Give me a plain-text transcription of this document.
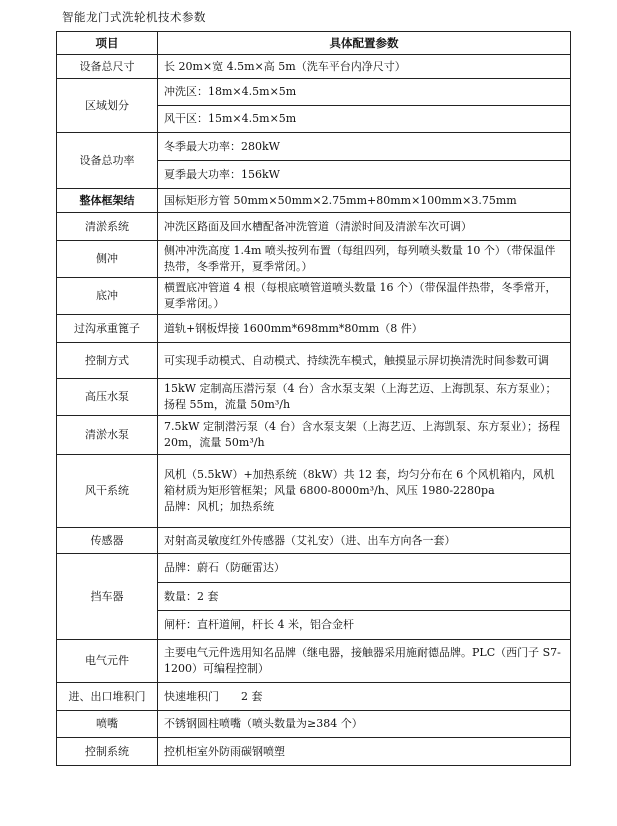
智能龙门式洗轮机技术参数
项目	具体配置参数
设备总尺寸	长 20m×宽 4.5m×高 5m（洗车平台内净尺寸）
区域划分	冲洗区：18m×4.5m×5m
	风干区：15m×4.5m×5m
设备总功率	冬季最大功率：280kW
	夏季最大功率：156kW
整体框架结	国标矩形方管 50mm×50mm×2.75mm+80mm×100mm×3.75mm
清淤系统	冲洗区路面及回水槽配备冲洗管道（清淤时间及清淤车次可调）
侧冲	侧冲冲洗高度 1.4m 喷头按列布置（每组四列，每列喷头数量 10 个）（带保温伴热带，冬季常开，夏季常闭。）
底冲	横置底冲管道 4 根（每根底喷管道喷头数量 16 个）（带保温伴热带，冬季常开，夏季常闭。）
过沟承重篦子	道轨+钢板焊接 1600mm*698mm*80mm（8 件）
控制方式	可实现手动模式、自动模式、持续洗车模式，触摸显示屏切换清洗时间参数可调
高压水泵	15kW 定制高压潜污泵（4 台）含水泵支架（上海艺迈、上海凯泵、东方泵业）；扬程 55m，流量 50m³/h
清淤水泵	7.5kW 定制潜污泵（4 台）含水泵支架（上海艺迈、上海凯泵、东方泵业）；扬程 20m，流量 50m³/h
风干系统	风机（5.5kW）+加热系统（8kW）共 12 套，均匀分布在 6 个风机箱内，风机箱材质为矩形管框架；风量 6800-8000m³/h、风压 1980-2280pa
品牌：风机；加热系统

传感器	对射高灵敏度红外传感器（艾礼安）（进、出车方向各一套）
挡车器	品牌：蔚石（防砸雷达）
	数量：2 套
	闸杆：直杆道闸，杆长 4 米，铝合金杆
电气元件	主要电气元件选用知名品牌（继电器，接触器采用施耐德品牌。PLC（西门子 S7-1200）可编程控制）
进、出口堆积门	快速堆积门　　2 套
喷嘴	不锈钢圆柱喷嘴（喷头数量为≥384 个）
控制系统	控机柜室外防雨碳钢喷塑
